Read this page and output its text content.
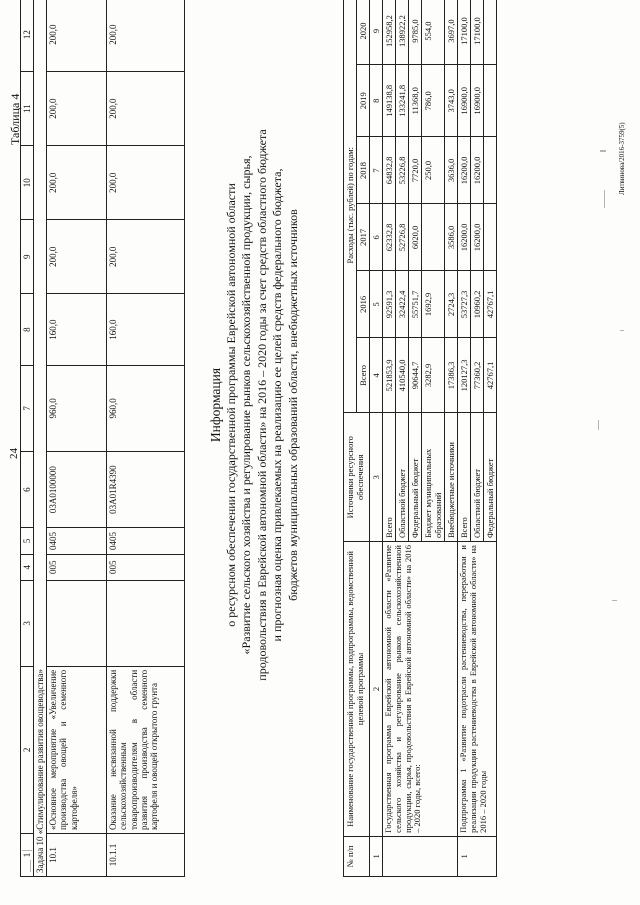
24
Таблица 4
Литвинова/2016-3759(5)
1	2	3	4	5	6	7	8	9	10	11	12
Задача 10 «Стимулирование развития овощеводства»											
10.1	«Основное мероприятие «Увеличение производства овощей и семенного картофеля»		005	0405	03А0100000	960,0	160,0	200,0	200,0	200,0	200,0
10.1.1	Оказание несвязанной поддержки сельскохозяйственным товаропроизводителям в области развития производства семенного картофеля и овощей открытого грунта		005	0405	03А01R4390	960,0	160,0	200,0	200,0	200,0	200,0
Информация о ресурсном обеспечении государственной программы Еврейской автономной области «Развитие сельского хозяйства и регулирование рынков сельскохозяйственной продукции, сырья, продовольствия в Еврейской автономной области» на 2016 – 2020 годы за счет средств областного бюджета и прогнозная оценка привлекаемых на реализацию ее целей средств федерального бюджета, бюджетов муниципальных образований области, внебюджетных источников
№ п/п	Наименование государственной программы, подпрограммы, ведомственной целевой программы	Источники ресурсного обеспечения	Расходы (тыс. рублей) по годам:					
			Всего	2016	2017	2018	2019	2020
1	2	3	4	5	6	7	8	9
	Государственная программа Еврейской автономной области «Развитие сельского хозяйства и регулирование рынков сельскохозяйственной продукции, сырья, продовольствия в Еврейской автономной области» на 2016 – 2020 годы, всего:	Всего	521853,9	92591,3	62332,8	64832,8	149138,8	152958,2
		Областной бюджет	410540,0	32422,4	52726,8	53226,8	133241,8	138922,2
		Федеральный бюджет	90644,7	55751,7	6020,0	7720,0	11368,0	9785,0
		Бюджет муниципальных образований	3282,9	1692,9		250,0	786,0	554,0
		Внебюджетные источники	17386,3	2724,3	3586,0	3636,0	3743,0	3697,0
1	Подпрограмма 1 «Развитие подотрасли растениеводства, переработки и реализации продукции растениеводства в Еврейской автономной области» на 2016 – 2020 годы	Всего	120127,3	53727,3	16200,0	16200,0	16900,0	17100,0
		Областной бюджет	77360,2	10960,2	16200,0	16200,0	16900,0	17100,0
		Федеральный бюджет	42767,1	42767,1				
